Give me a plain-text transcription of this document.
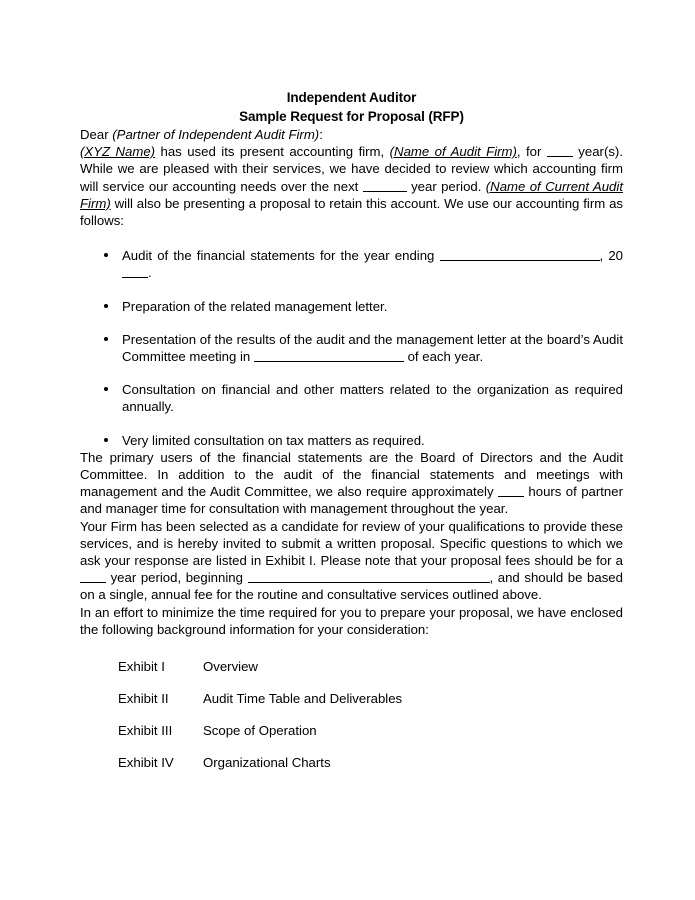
Independent Auditor
Sample Request for Proposal (RFP)

Dear (Partner of Independent Audit Firm):

(XYZ Name) has used its present accounting firm, (Name of Audit Firm), for  year(s). While we are pleased with their services, we have decided to review which accounting firm will service our accounting needs over the next	year period. (Name of Current Audit Firm) will also be presenting a proposal to retain this account. We use our accounting firm as follows:

Audit of the financial statements for the year ending	, 20.
Preparation of the related management letter.
Presentation of the results of the audit and the management letter at the board’s Audit Committee meeting in	of each year.
Consultation on financial and other matters related to the organization as required annually.
Very limited consultation on tax matters as required.

The primary users of the financial statements are the Board of Directors and the Audit Committee. In addition to the audit of the financial statements and meetings with management and the Audit Committee, we also require approximately  hours of partner and manager time for consultation with management throughout the year.

Your Firm has been selected as a candidate for review of your qualifications to provide these services, and is hereby invited to submit a written proposal. Specific questions to which we ask your response are listed in Exhibit I. Please note that your proposal fees should be for a  year period, beginning	, and should be based on a single, annual fee for the routine and consultative services outlined above.

In an effort to minimize the time required for you to prepare your proposal, we have enclosed the following background information for your consideration:

Exhibit I	Overview
Exhibit II	Audit Time Table and Deliverables
Exhibit III	Scope of Operation
Exhibit IV	Organizational Charts
